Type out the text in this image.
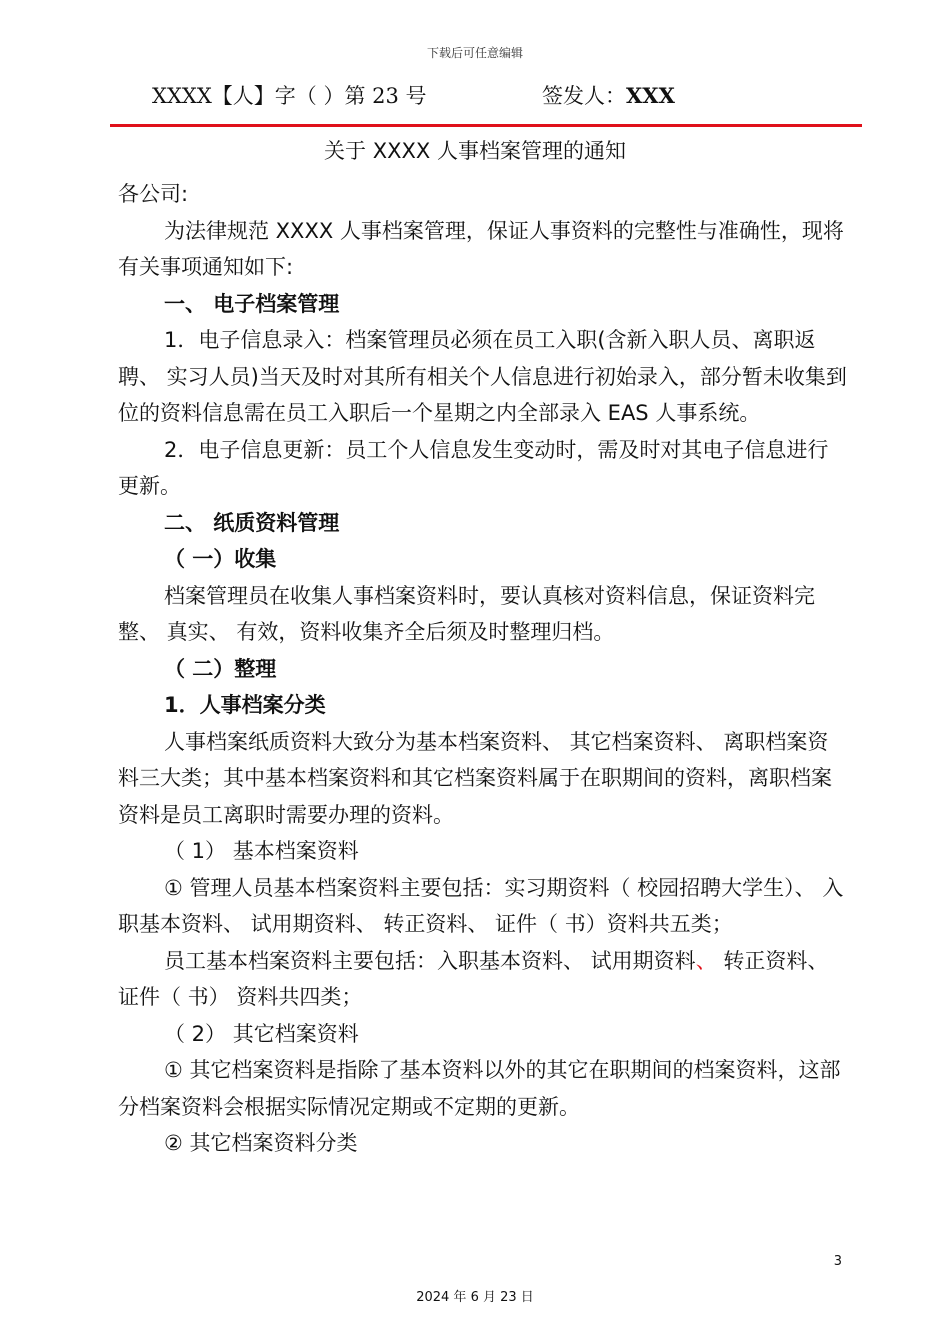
下载后可任意编辑
XXXX【人】字（ ）第 23 号	签发人：XXX
关于 XXXX 人事档案管理的通知

各公司:

为法律规范 XXXX 人事档案管理，保证人事资料的完整性与准确性，现将有关事项通知如下:

一、 电子档案管理

1．电子信息录入：档案管理员必须在员工入职(含新入职人员、离职返聘、 实习人员)当天及时对其所有相关个人信息进行初始录入，部分暂未收集到位的资料信息需在员工入职后一个星期之内全部录入 EAS 人事系统。

2．电子信息更新：员工个人信息发生变动时，需及时对其电子信息进行更新。

二、 纸质资料管理

（ 一）收集

档案管理员在收集人事档案资料时，要认真核对资料信息，保证资料完整、 真实、 有效，资料收集齐全后须及时整理归档。

（ 二）整理

1．人事档案分类

人事档案纸质资料大致分为基本档案资料、 其它档案资料、 离职档案资料三大类；其中基本档案资料和其它档案资料属于在职期间的资料，离职档案资料是员工离职时需要办理的资料。

（ 1） 基本档案资料

① 管理人员基本档案资料主要包括：实习期资料（ 校园招聘大学生）、 入职基本资料、 试用期资料、 转正资料、 证件（ 书）资料共五类；

员工基本档案资料主要包括：入职基本资料、 试用期资料、 转正资料、 证件（ 书） 资料共四类；

（ 2） 其它档案资料

① 其它档案资料是指除了基本资料以外的其它在职期间的档案资料，这部分档案资料会根据实际情况定期或不定期的更新。

② 其它档案资料分类

3
2024 年 6 月 23 日
